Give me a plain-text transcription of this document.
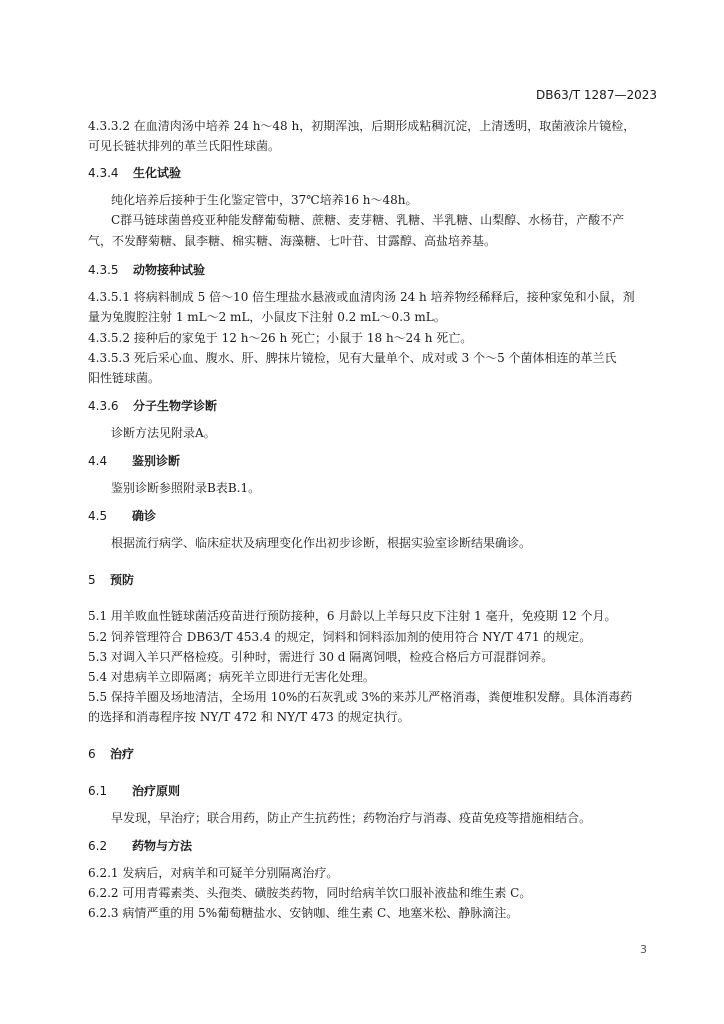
DB63/T 1287—2023
4.3.3.2 在血清肉汤中培养 24 h～48 h，初期浑浊，后期形成粘稠沉淀，上清透明，取菌液涂片镜检，
可见长链状排列的革兰氏阳性球菌。
4.3.4 生化试验
纯化培养后接种于生化鉴定管中，37℃培养16 h～48h。
C群马链球菌兽疫亚种能发酵葡萄糖、蔗糖、麦芽糖、乳糖、半乳糖、山梨醇、水杨苷，产酸不产
气，不发酵菊糖、鼠李糖、棉实糖、海藻糖、七叶苷、甘露醇、高盐培养基。
4.3.5 动物接种试验
4.3.5.1 将病料制成 5 倍～10 倍生理盐水悬液或血清肉汤 24 h 培养物经稀释后，接种家兔和小鼠，剂
量为兔腹腔注射 1 mL～2 mL，小鼠皮下注射 0.2 mL～0.3 mL。
4.3.5.2 接种后的家兔于 12 h～26 h 死亡；小鼠于 18 h～24 h 死亡。
4.3.5.3 死后采心血、腹水、肝、脾抹片镜检，见有大量单个、成对或 3 个～5 个菌体相连的革兰氏
阳性链球菌。
4.3.6 分子生物学诊断
诊断方法见附录A。
4.4 鉴别诊断
鉴别诊断参照附录B表B.1。
4.5 确诊
根据流行病学、临床症状及病理变化作出初步诊断，根据实验室诊断结果确诊。
5 预防
5.1 用羊败血性链球菌活疫苗进行预防接种，6 月龄以上羊每只皮下注射 1 毫升，免疫期 12 个月。
5.2 饲养管理符合 DB63/T 453.4 的规定，饲料和饲料添加剂的使用符合 NY/T 471 的规定。
5.3 对调入羊只严格检疫。引种时，需进行 30 d 隔离饲喂，检疫合格后方可混群饲养。
5.4 对患病羊立即隔离；病死羊立即进行无害化处理。
5.5 保持羊圈及场地清洁，全场用 10%的石灰乳或 3%的来苏儿严格消毒，粪便堆积发酵。具体消毒药
的选择和消毒程序按 NY/T 472 和 NY/T 473 的规定执行。
6 治疗
6.1 治疗原则
早发现，早治疗；联合用药，防止产生抗药性；药物治疗与消毒、疫苗免疫等措施相结合。
6.2 药物与方法
6.2.1 发病后，对病羊和可疑羊分别隔离治疗。
6.2.2 可用青霉素类、头孢类、磺胺类药物，同时给病羊饮口服补液盐和维生素 C。
6.2.3 病情严重的用 5%葡萄糖盐水、安钠咖、维生素 C、地塞米松、静脉滴注。
3
